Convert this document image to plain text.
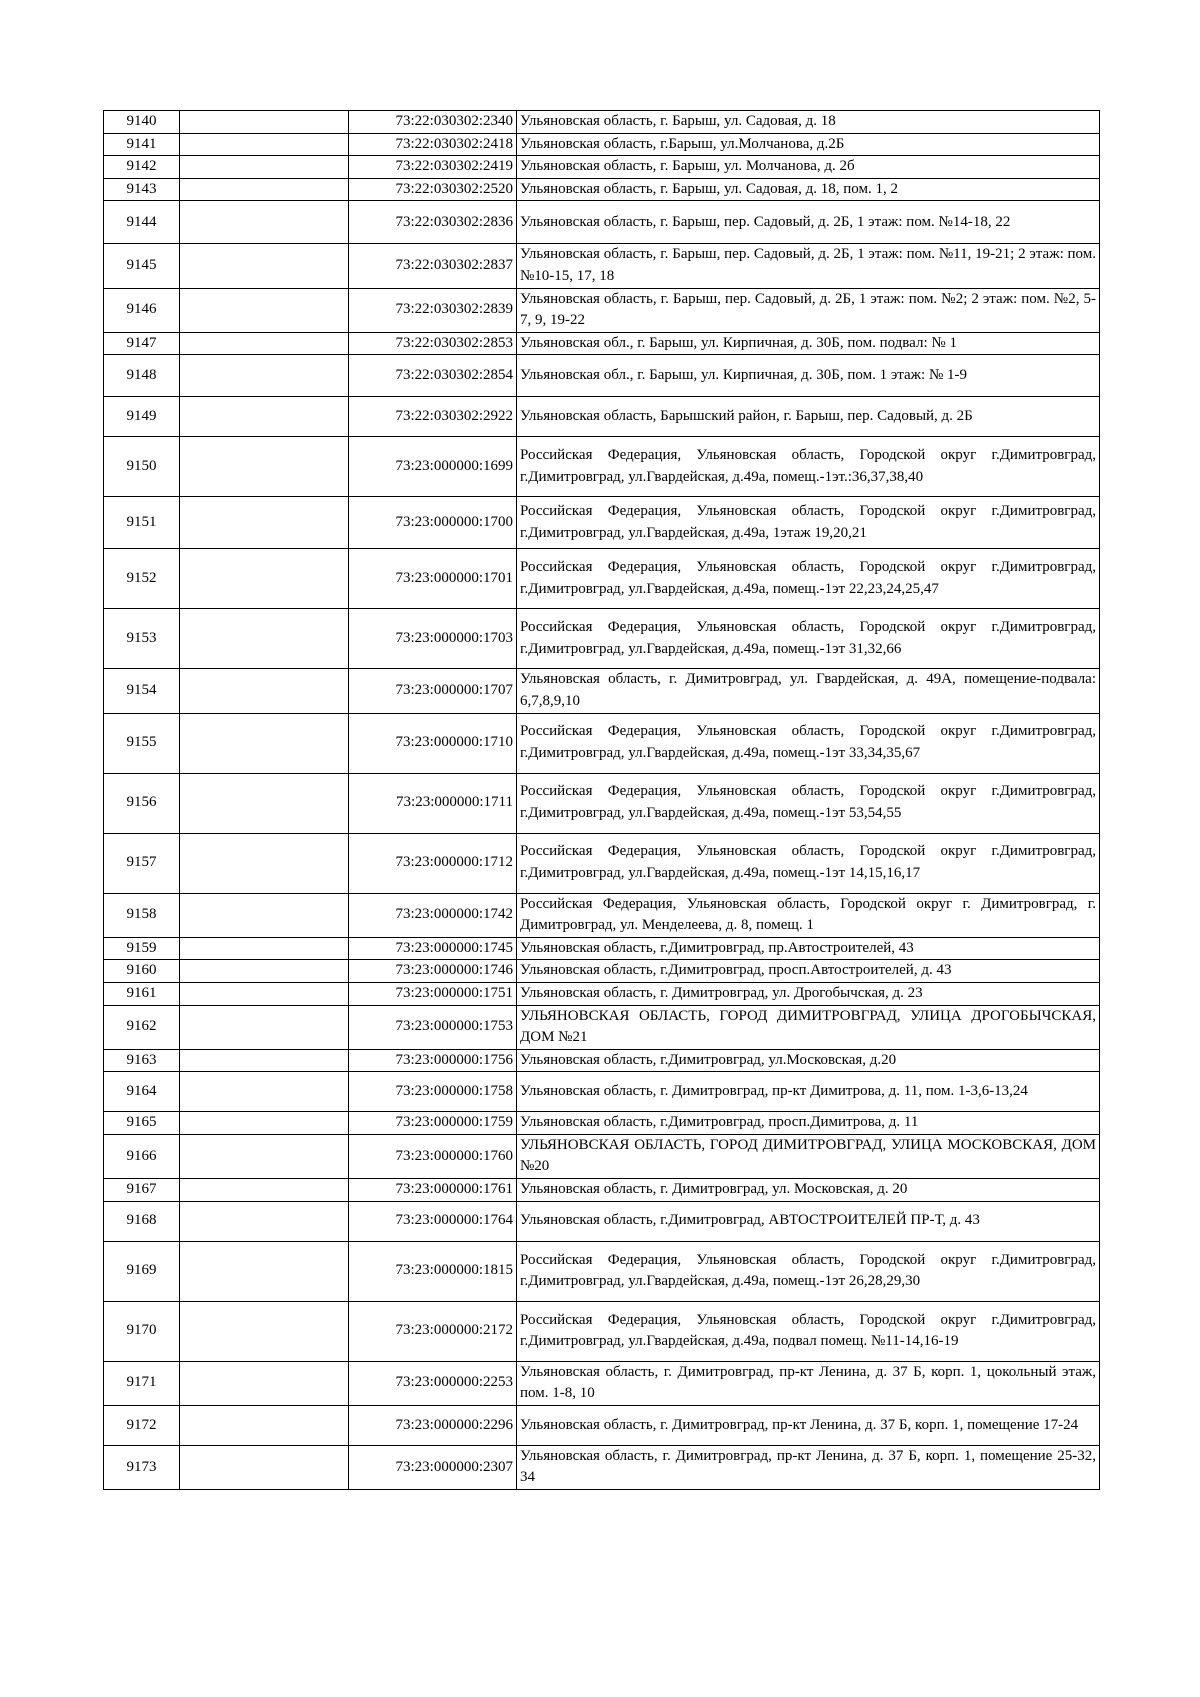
9140		73:22:030302:2340	Ульяновская область, г. Барыш, ул. Садовая, д. 18
9141		73:22:030302:2418	Ульяновская область, г.Барыш, ул.Молчанова, д.2Б
9142		73:22:030302:2419	Ульяновская область, г. Барыш, ул. Молчанова, д. 2б
9143		73:22:030302:2520	Ульяновская область, г. Барыш, ул. Садовая, д. 18, пом. 1, 2
9144		73:22:030302:2836	Ульяновская область, г. Барыш, пер. Садовый, д. 2Б, 1 этаж: пом. №14-18, 22
9145		73:22:030302:2837	Ульяновская область, г. Барыш, пер. Садовый, д. 2Б, 1 этаж: пом. №11, 19-21; 2 этаж: пом. №10-15, 17, 18
9146		73:22:030302:2839	Ульяновская область, г. Барыш, пер. Садовый, д. 2Б, 1 этаж: пом. №2; 2 этаж: пом. №2, 5-7, 9, 19-22
9147		73:22:030302:2853	Ульяновская обл., г. Барыш, ул. Кирпичная, д. 30Б, пом. подвал: № 1
9148		73:22:030302:2854	Ульяновская обл., г. Барыш, ул. Кирпичная, д. 30Б, пом. 1 этаж: № 1-9
9149		73:22:030302:2922	Ульяновская область, Барышский район, г. Барыш, пер. Садовый, д. 2Б
9150		73:23:000000:1699	Российская Федерация, Ульяновская область, Городской округ г.Димитровград, г.Димитровград, ул.Гвардейская, д.49а, помещ.-1эт.:36,37,38,40
9151		73:23:000000:1700	Российская Федерация, Ульяновская область, Городской округ г.Димитровград, г.Димитровград, ул.Гвардейская, д.49а, 1этаж 19,20,21
9152		73:23:000000:1701	Российская Федерация, Ульяновская область, Городской округ г.Димитровград, г.Димитровград, ул.Гвардейская, д.49а, помещ.-1эт 22,23,24,25,47
9153		73:23:000000:1703	Российская Федерация, Ульяновская область, Городской округ г.Димитровград, г.Димитровград, ул.Гвардейская, д.49а, помещ.-1эт 31,32,66
9154		73:23:000000:1707	Ульяновская область, г. Димитровград, ул. Гвардейская, д. 49А, помещение-подвала: 6,7,8,9,10
9155		73:23:000000:1710	Российская Федерация, Ульяновская область, Городской округ г.Димитровград, г.Димитровград, ул.Гвардейская, д.49а, помещ.-1эт 33,34,35,67
9156		73:23:000000:1711	Российская Федерация, Ульяновская область, Городской округ г.Димитровград, г.Димитровград, ул.Гвардейская, д.49а, помещ.-1эт 53,54,55
9157		73:23:000000:1712	Российская Федерация, Ульяновская область, Городской округ г.Димитровград, г.Димитровград, ул.Гвардейская, д.49а, помещ.-1эт 14,15,16,17
9158		73:23:000000:1742	Российская Федерация, Ульяновская область, Городской округ г. Димитровград, г. Димитровград, ул. Менделеева, д. 8, помещ. 1
9159		73:23:000000:1745	Ульяновская область, г.Димитровград, пр.Автостроителей, 43
9160		73:23:000000:1746	Ульяновская область, г.Димитровград, просп.Автостроителей, д. 43
9161		73:23:000000:1751	Ульяновская область, г. Димитровград, ул. Дрогобычская, д. 23
9162		73:23:000000:1753	УЛЬЯНОВСКАЯ ОБЛАСТЬ, ГОРОД ДИМИТРОВГРАД, УЛИЦА ДРОГОБЫЧСКАЯ, ДОМ №21
9163		73:23:000000:1756	Ульяновская область, г.Димитровград, ул.Московская, д.20
9164		73:23:000000:1758	Ульяновская область, г. Димитровград, пр-кт Димитрова, д. 11, пом. 1-3,6-13,24
9165		73:23:000000:1759	Ульяновская область, г.Димитровград, просп.Димитрова, д. 11
9166		73:23:000000:1760	УЛЬЯНОВСКАЯ ОБЛАСТЬ, ГОРОД ДИМИТРОВГРАД, УЛИЦА МОСКОВСКАЯ, ДОМ №20
9167		73:23:000000:1761	Ульяновская область, г. Димитровград, ул. Московская, д. 20
9168		73:23:000000:1764	Ульяновская область, г.Димитровград, АВТОСТРОИТЕЛЕЙ ПР-Т, д. 43
9169		73:23:000000:1815	Российская Федерация, Ульяновская область, Городской округ г.Димитровград, г.Димитровград, ул.Гвардейская, д.49а, помещ.-1эт 26,28,29,30
9170		73:23:000000:2172	Российская Федерация, Ульяновская область, Городской округ г.Димитровград, г.Димитровград, ул.Гвардейская, д.49а, подвал помещ. №11-14,16-19
9171		73:23:000000:2253	Ульяновская область, г. Димитровград, пр-кт Ленина, д. 37 Б, корп. 1, цокольный этаж, пом. 1-8, 10
9172		73:23:000000:2296	Ульяновская область, г. Димитровград, пр-кт Ленина, д. 37 Б, корп. 1, помещение 17-24
9173		73:23:000000:2307	Ульяновская область, г. Димитровград, пр-кт Ленина, д. 37 Б, корп. 1, помещение 25-32, 34
